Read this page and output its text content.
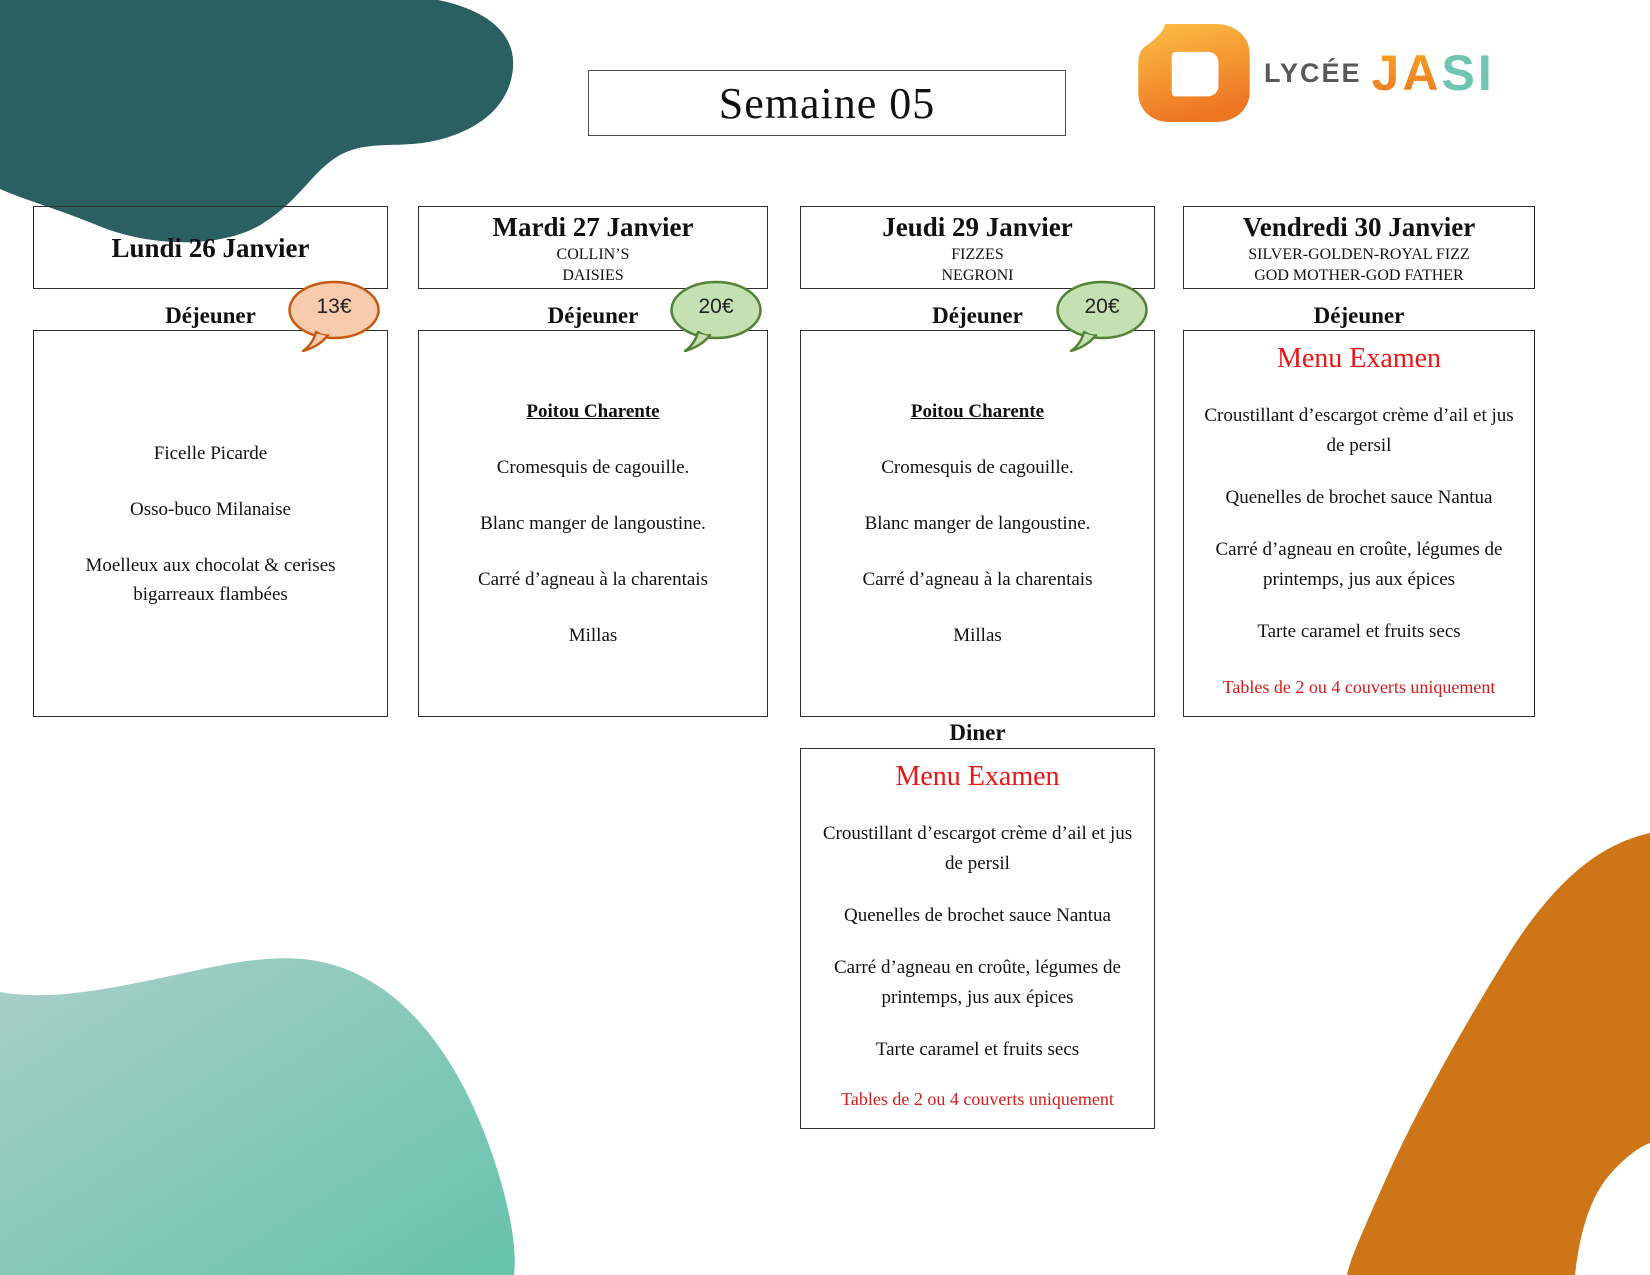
Semaine 05
LYCÉE JASI
Lundi 26 Janvier
Déjeuner	13€
Ficelle Picarde
Osso-buco Milanaise
Moelleux aux chocolat & cerises bigarreaux flambées
Mardi 27 Janvier
COLLIN’S
DAISIES
Déjeuner	20€
Poitou Charente
Cromesquis de cagouille.
Blanc manger de langoustine.
Carré d’agneau à la charentais
Millas
Jeudi 29 Janvier
FIZZES
NEGRONI
Déjeuner	20€
Poitou Charente
Cromesquis de cagouille.
Blanc manger de langoustine.
Carré d’agneau à la charentais
Millas
Diner
Menu Examen
Croustillant d’escargot crème d’ail et jus de persil
Quenelles de brochet sauce Nantua
Carré d’agneau en croûte, légumes de printemps, jus aux épices
Tarte caramel et fruits secs
Tables de 2 ou 4 couverts uniquement
Vendredi 30 Janvier
SILVER-GOLDEN-ROYAL FIZZ
GOD MOTHER-GOD FATHER
Déjeuner
Menu Examen
Croustillant d’escargot crème d’ail et jus de persil
Quenelles de brochet sauce Nantua
Carré d’agneau en croûte, légumes de printemps, jus aux épices
Tarte caramel et fruits secs
Tables de 2 ou 4 couverts uniquement
